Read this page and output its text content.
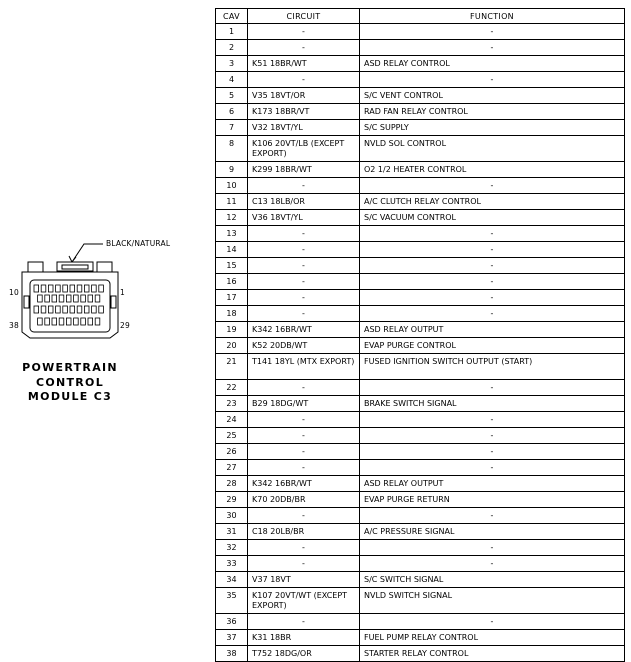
BLACK/NATURAL
10	1
38	29
POWERTRAIN
CONTROL
MODULE C3
CAV	CIRCUIT	FUNCTION
1	-	-
2	-	-
3	K51 18BR/WT	ASD RELAY CONTROL
4	-	-
5	V35 18VT/OR	S/C VENT CONTROL
6	K173 18BR/VT	RAD FAN RELAY CONTROL
7	V32 18VT/YL	S/C SUPPLY
8	K106 20VT/LB (EXCEPT EXPORT)	NVLD SOL CONTROL
9	K299 18BR/WT	O2 1/2 HEATER CONTROL
10	-	-
11	C13 18LB/OR	A/C CLUTCH RELAY CONTROL
12	V36 18VT/YL	S/C VACUUM CONTROL
13	-	-
14	-	-
15	-	-
16	-	-
17	-	-
18	-	-
19	K342 16BR/WT	ASD RELAY OUTPUT
20	K52 20DB/WT	EVAP PURGE CONTROL
21	T141 18YL (MTX EXPORT)	FUSED IGNITION SWITCH OUTPUT (START)
22	-	-
23	B29 18DG/WT	BRAKE SWITCH SIGNAL
24	-	-
25	-	-
26	-	-
27	-	-
28	K342 16BR/WT	ASD RELAY OUTPUT
29	K70 20DB/BR	EVAP PURGE RETURN
30	-	-
31	C18 20LB/BR	A/C PRESSURE SIGNAL
32	-	-
33	-	-
34	V37 18VT	S/C SWITCH SIGNAL
35	K107 20VT/WT (EXCEPT EXPORT)	NVLD SWITCH SIGNAL
36	-	-
37	K31 18BR	FUEL PUMP RELAY CONTROL
38	T752 18DG/OR	STARTER RELAY CONTROL
